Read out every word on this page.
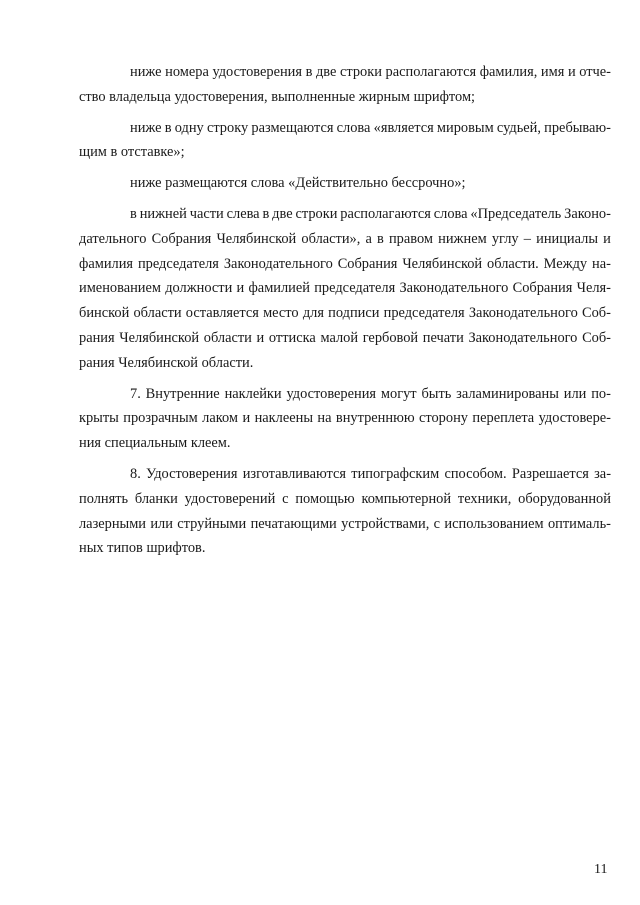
ниже номера удостоверения в две строки располагаются фамилия, имя и отче-
ство владельца удостоверения, выполненные жирным шрифтом;
ниже в одну строку размещаются слова «является мировым судьей, пребываю-
щим в отставке»;
ниже размещаются слова «Действительно бессрочно»;
в нижней части слева в две строки располагаются слова «Председатель Законо-
дательного Собрания Челябинской области», а в правом нижнем углу – инициалы и
фамилия председателя Законодательного Собрания Челябинской области. Между на-
именованием должности и фамилией председателя Законодательного Собрания Челя-
бинской области оставляется место для подписи председателя Законодательного Соб-
рания Челябинской области и оттиска малой гербовой печати Законодательного Соб-
рания Челябинской области.
7. Внутренние наклейки удостоверения могут быть заламинированы или по-
крыты прозрачным лаком и наклеены на внутреннюю сторону переплета удостовере-
ния специальным клеем.
8. Удостоверения изготавливаются типографским способом. Разрешается за-
полнять бланки удостоверений с помощью компьютерной техники, оборудованной
лазерными или струйными печатающими устройствами, с использованием оптималь-
ных типов шрифтов.
11
